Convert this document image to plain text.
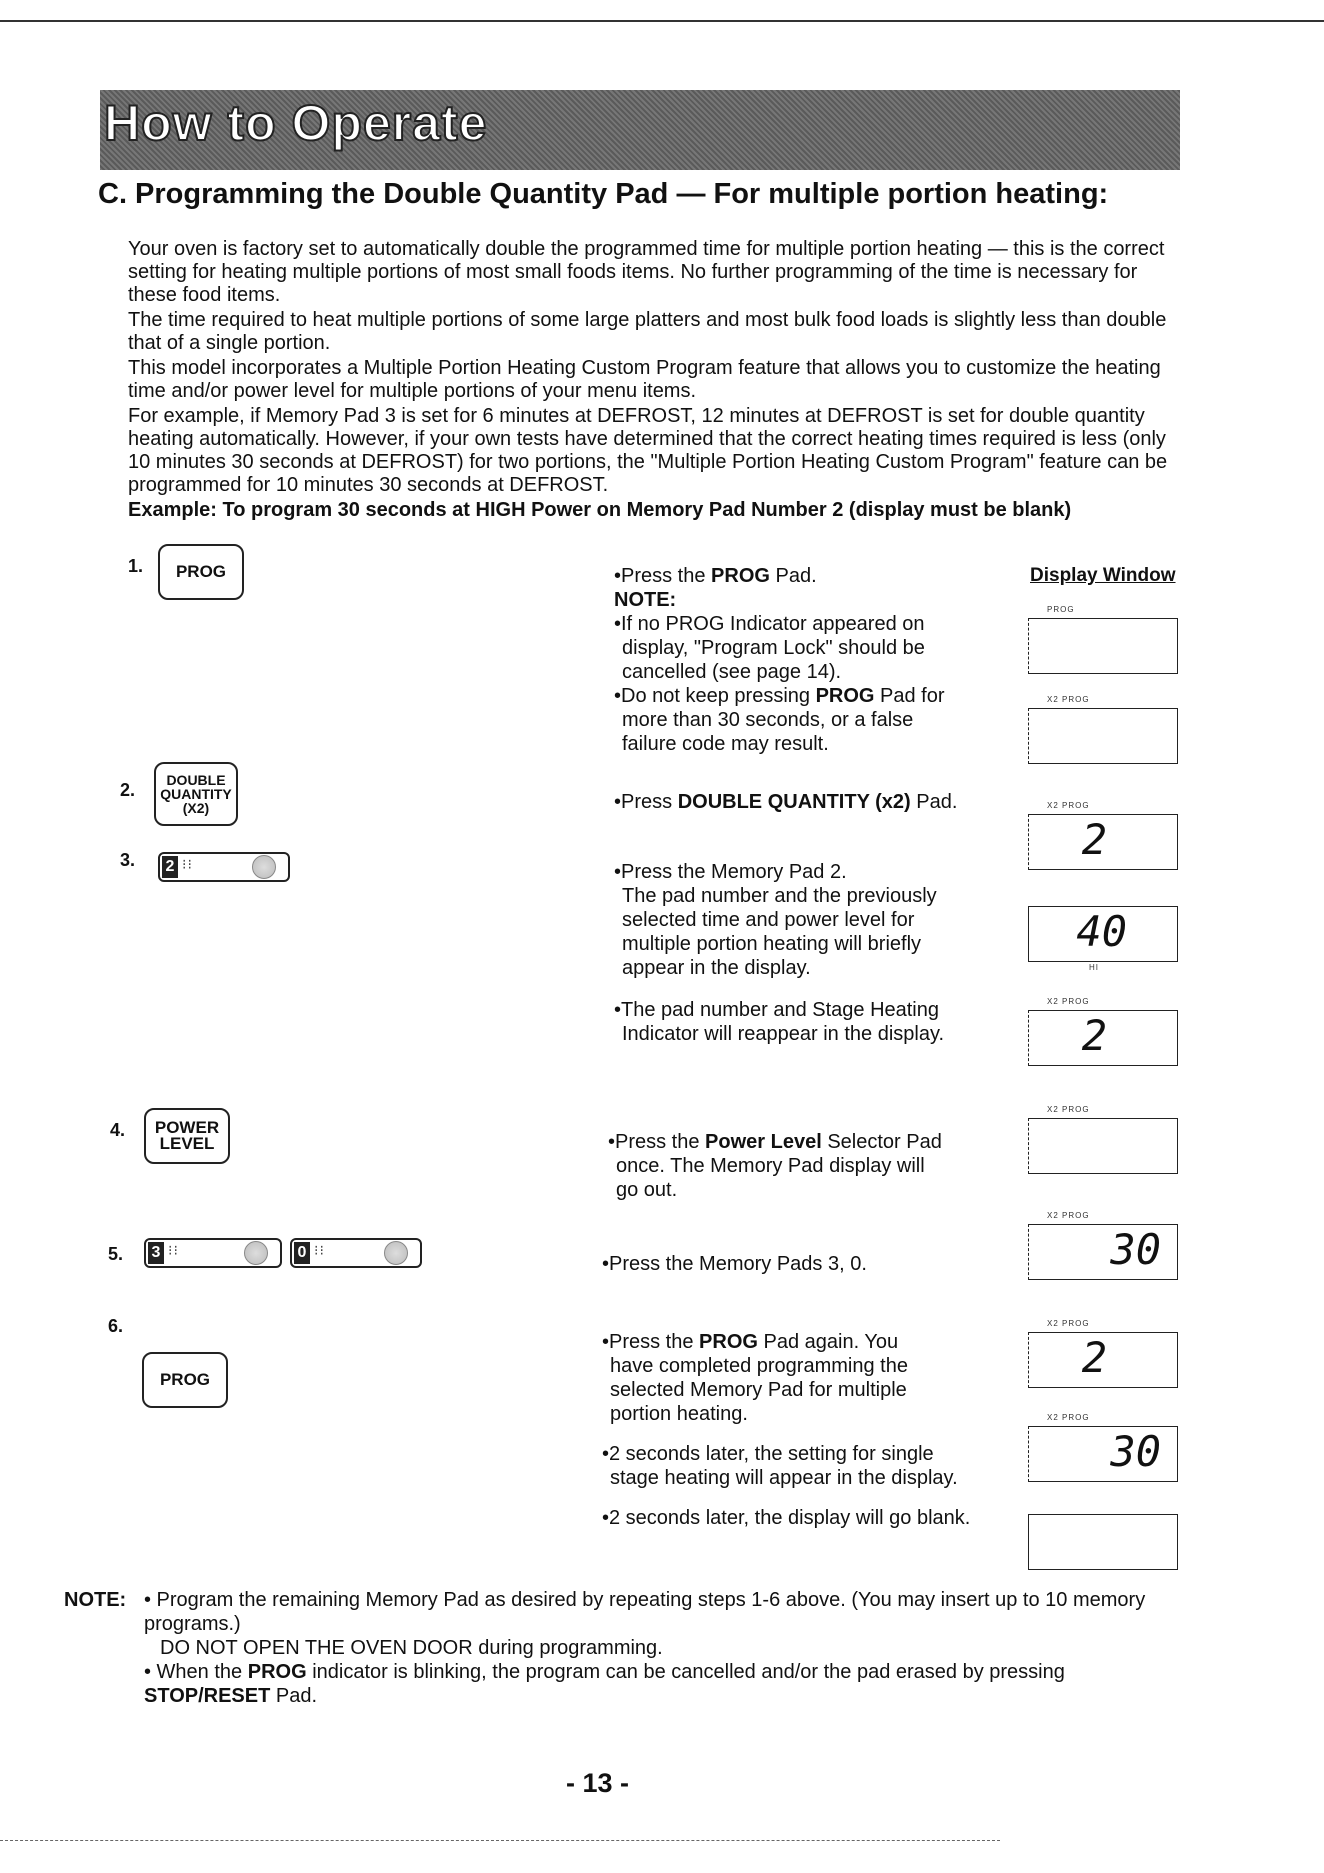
How to Operate
C. Programming the Double Quantity Pad — For multiple portion heating:

Your oven is factory set to automatically double the programmed time for multiple portion heating — this is the correct setting for heating multiple portions of most small foods items. No further programming of the time is necessary for these food items.

The time required to heat multiple portions of some large platters and most bulk food loads is slightly less than double that of a single portion.

This model incorporates a Multiple Portion Heating Custom Program feature that allows you to customize the heating time and/or power level for multiple portions of your menu items.

For example, if Memory Pad 3 is set for 6 minutes at DEFROST, 12 minutes at DEFROST is set for double quantity heating automatically. However, if your own tests have determined that the correct heating times required is less (only 10 minutes 30 seconds at DEFROST) for two portions, the "Multiple Portion Heating Custom Program" feature can be programmed for 10 minutes 30 seconds at DEFROST.

Example: To program 30 seconds at HIGH Power on Memory Pad Number 2 (display must be blank)

Display Window
1.	PROG
2. DOUBLE
QUANTITY
(X2)
3. 2 ⁝⁝
4. POWER
LEVEL
5. 3 ⁝⁝	0 ⁝⁝
6.
PROG
•Press the PROG Pad.
NOTE:
•If no PROG Indicator appeared on
display, "Program Lock" should be
cancelled (see page 14).
•Do not keep pressing PROG Pad for
more than 30 seconds, or a false
failure code may result.
•Press DOUBLE QUANTITY (x2) Pad.
•Press the Memory Pad 2.
The pad number and the previously
selected time and power level for
multiple portion heating will briefly
appear in the display.
•The pad number and Stage Heating
Indicator will reappear in the display.
•Press the Power Level Selector Pad
once. The Memory Pad display will
go out.
•Press the Memory Pads 3, 0.
•Press the PROG Pad again. You
have completed programming the
selected Memory Pad for multiple
portion heating.
•2 seconds later, the setting for single
stage heating will appear in the display.
•2 seconds later, the display will go blank.
PROG
X2 PROG
X2 PROG
2
HI
40
X2 PROG
2
X2 PROG
X2 PROG
30
X2 PROG
2
X2 PROG
30
NOTE: • Program the remaining Memory Pad as desired by repeating steps 1-6 above. (You may insert up to 10 memory programs.)
DO NOT OPEN THE OVEN DOOR during programming.
• When the PROG indicator is blinking, the program can be cancelled and/or the pad erased by pressing STOP/RESET Pad.
- 13 -
